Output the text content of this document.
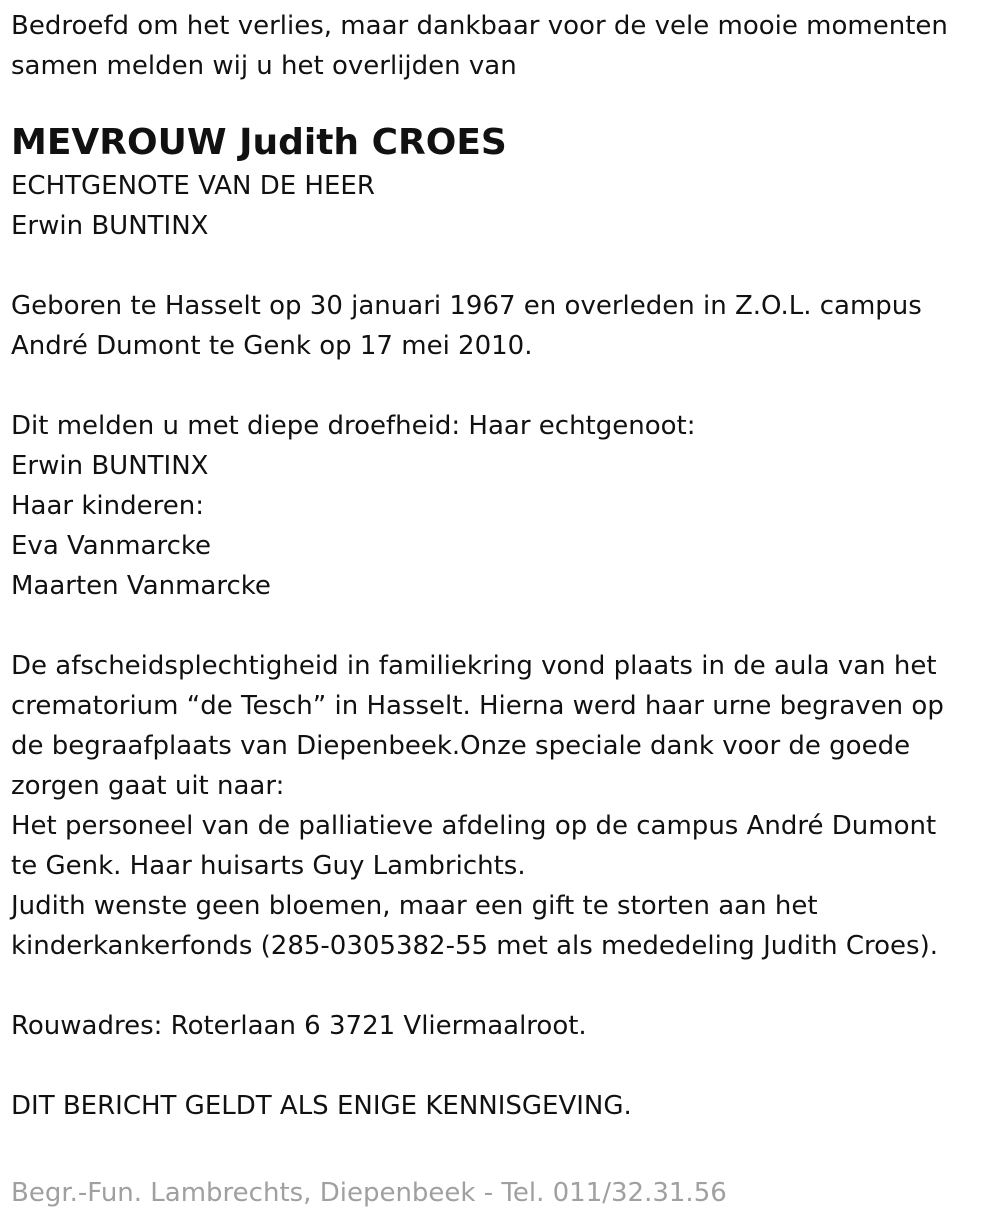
Bedroefd om het verlies, maar dankbaar voor de vele mooie momenten
samen melden wij u het overlijden van
MEVROUW Judith CROES
ECHTGENOTE VAN DE HEER
Erwin BUNTINX
Geboren te Hasselt op 30 januari 1967 en overleden in Z.O.L. campus
André Dumont te Genk op 17 mei 2010.
Dit melden u met diepe droefheid: Haar echtgenoot:
Erwin BUNTINX
Haar kinderen:
Eva Vanmarcke
Maarten Vanmarcke
De afscheidsplechtigheid in familiekring vond plaats in de aula van het
crematorium “de Tesch” in Hasselt. Hierna werd haar urne begraven op
de begraafplaats van Diepenbeek.Onze speciale dank voor de goede
zorgen gaat uit naar:
Het personeel van de palliatieve afdeling op de campus André Dumont
te Genk. Haar huisarts Guy Lambrichts.
Judith wenste geen bloemen, maar een gift te storten aan het
kinderkankerfonds (285-0305382-55 met als mededeling Judith Croes).
Rouwadres: Roterlaan 6 3721 Vliermaalroot.
DIT BERICHT GELDT ALS ENIGE KENNISGEVING.
Begr.-Fun. Lambrechts, Diepenbeek - Tel. 011/32.31.56
